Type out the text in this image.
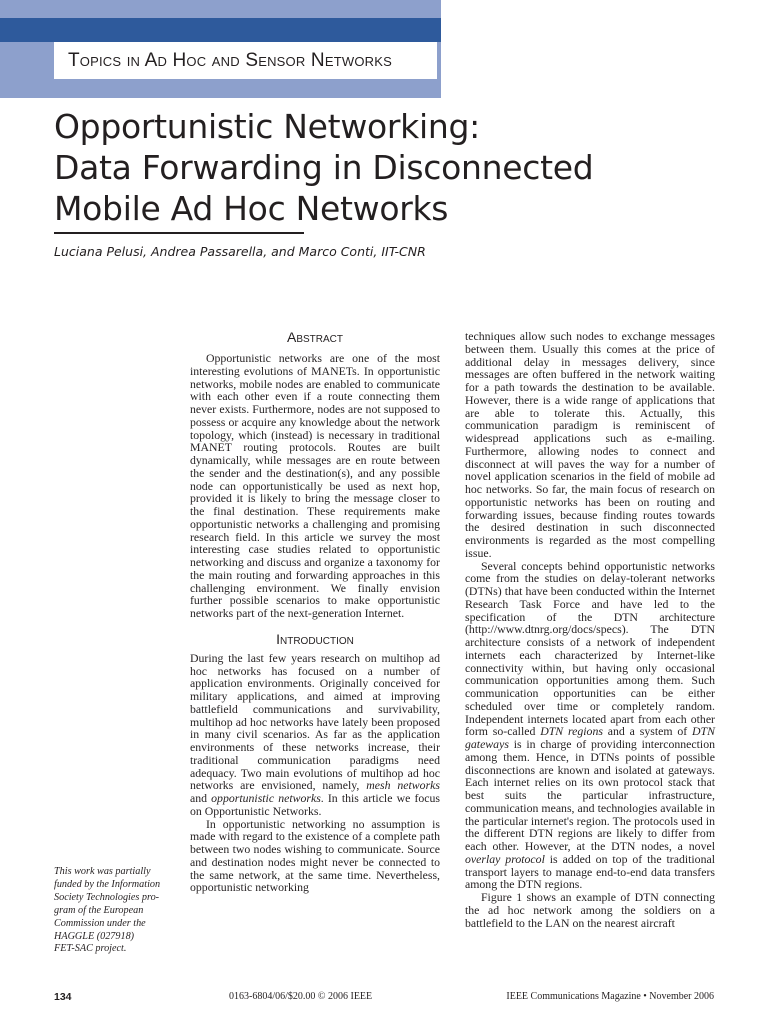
Topics in Ad Hoc and Sensor Networks
Opportunistic Networking:
Data Forwarding in Disconnected
Mobile Ad Hoc Networks
Luciana Pelusi, Andrea Passarella, and Marco Conti, IIT-CNR
Abstract

Opportunistic networks are one of the most interesting evolutions of MANETs. In opportunistic networks, mobile nodes are enabled to communicate with each other even if a route connecting them never exists. Furthermore, nodes are not supposed to possess or acquire any knowledge about the network topology, which (instead) is necessary in traditional MANET routing protocols. Routes are built dynamically, while messages are en route between the sender and the destination(s), and any possible node can opportunistically be used as next hop, provided it is likely to bring the message closer to the final destination. These requirements make opportunistic networks a challenging and promising research field. In this article we survey the most interesting case studies related to opportunistic networking and discuss and organize a taxonomy for the main routing and forwarding approaches in this challenging environment. We finally envision further possible scenarios to make opportunistic networks part of the next-generation Internet.

Introduction

During the last few years research on multihop ad hoc networks has focused on a number of application environments. Originally conceived for military applications, and aimed at improving battlefield communications and survivability, multihop ad hoc networks have lately been proposed in many civil scenarios. As far as the application environments of these networks increase, their traditional communication paradigms need adequacy. Two main evolutions of multihop ad hoc networks are envisioned, namely, mesh networks and opportunistic networks. In this article we focus on Opportunistic Networks.

In opportunistic networking no assumption is made with regard to the existence of a complete path between two nodes wishing to communicate. Source and destination nodes might never be connected to the same network, at the same time. Nevertheless, opportunistic networking

techniques allow such nodes to exchange messages between them. Usually this comes at the price of additional delay in messages delivery, since messages are often buffered in the network waiting for a path towards the destination to be available. However, there is a wide range of applications that are able to tolerate this. Actually, this communication paradigm is reminiscent of widespread applications such as e-mailing. Furthermore, allowing nodes to connect and disconnect at will paves the way for a number of novel application scenarios in the field of mobile ad hoc networks. So far, the main focus of research on opportunistic networks has been on routing and forwarding issues, because finding routes towards the desired destination in such disconnected environments is regarded as the most compelling issue.

Several concepts behind opportunistic networks come from the studies on delay-tolerant networks (DTNs) that have been conducted within the Internet Research Task Force and have led to the specification of the DTN architecture (http://www.dtnrg.org/docs/specs). The DTN architecture consists of a network of independent internets each characterized by Internet-like connectivity within, but having only occasional communication opportunities among them. Such communication opportunities can be either scheduled over time or completely random. Independent internets located apart from each other form so-called DTN regions and a system of DTN gateways is in charge of providing interconnection among them. Hence, in DTNs points of possible disconnections are known and isolated at gateways. Each internet relies on its own protocol stack that best suits the particular infrastructure, communication means, and technologies available in the particular internet's region. The protocols used in the different DTN regions are likely to differ from each other. However, at the DTN nodes, a novel overlay protocol is added on top of the traditional transport layers to manage end-to-end data transfers among the DTN regions.

Figure 1 shows an example of DTN connecting the ad hoc network among the soldiers on a battlefield to the LAN on the nearest aircraft

This work was partially
funded by the Information
Society Technologies pro-
gram of the European
Commission under the
HAGGLE (027918)
FET-SAC project.
134	0163-6804/06/$20.00 © 2006 IEEE	IEEE Communications Magazine • November 2006
